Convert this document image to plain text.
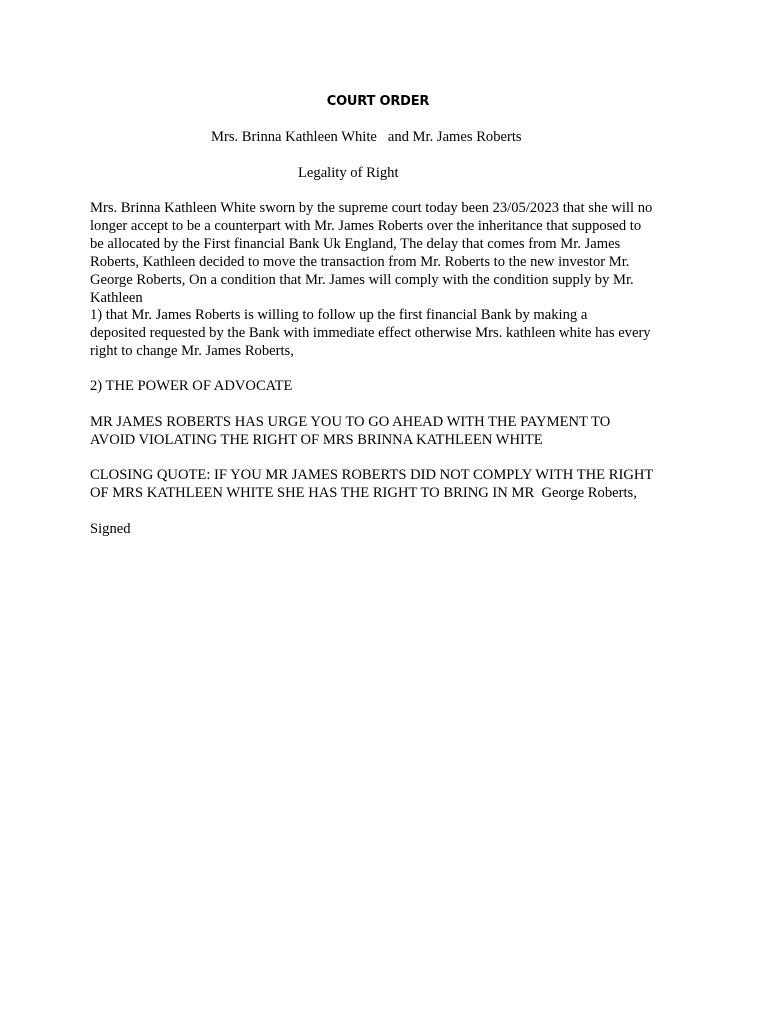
COURT ORDER
Mrs. Brinna Kathleen White   and Mr. James Roberts
Legality of Right
Mrs. Brinna Kathleen White sworn by the supreme court today been 23/05/2023 that she will no
longer accept to be a counterpart with Mr. James Roberts over the inheritance that supposed to
be allocated by the First financial Bank Uk England, The delay that comes from Mr. James
Roberts, Kathleen decided to move the transaction from Mr. Roberts to the new investor Mr.
George Roberts, On a condition that Mr. James will comply with the condition supply by Mr.
Kathleen
1) that Mr. James Roberts is willing to follow up the first financial Bank by making a
deposited requested by the Bank with immediate effect otherwise Mrs. kathleen white has every
right to change Mr. James Roberts,
2) THE POWER OF ADVOCATE
MR JAMES ROBERTS HAS URGE YOU TO GO AHEAD WITH THE PAYMENT TO
AVOID VIOLATING THE RIGHT OF MRS BRINNA KATHLEEN WHITE
CLOSING QUOTE: IF YOU MR JAMES ROBERTS DID NOT COMPLY WITH THE RIGHT
OF MRS KATHLEEN WHITE SHE HAS THE RIGHT TO BRING IN MR  George Roberts,
Signed
